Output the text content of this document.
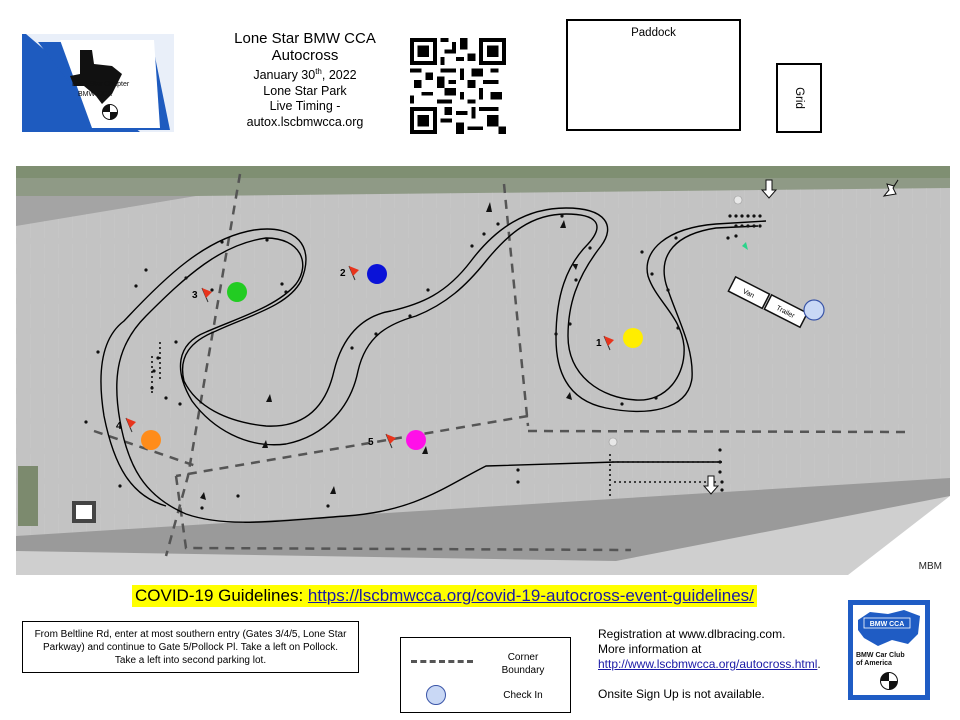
Lone Star Chapter
BMW CCA
Lone Star BMW CCA
Autocross
January 30th, 2022
Lone Star Park
Live Timing -
autox.lscbmwcca.org
Paddock
Grid
Van
Trailer
1
2
3
4
5
MBM
COVID-19 Guidelines: https://lscbmwcca.org/covid-19-autocross-event-guidelines/
From Beltline Rd, enter at most southern entry (Gates 3/4/5, Lone Star Parkway) and continue to Gate 5/Pollock Pl. Take a left on Pollock. Take a left into second parking lot.	Corner Boundary
Check In
Registration at www.dlbracing.com.
More information at
http://www.lscbmwcca.org/autocross.html.
Onsite Sign Up is not available.
BMW CCA
BMW Car Club
of America
